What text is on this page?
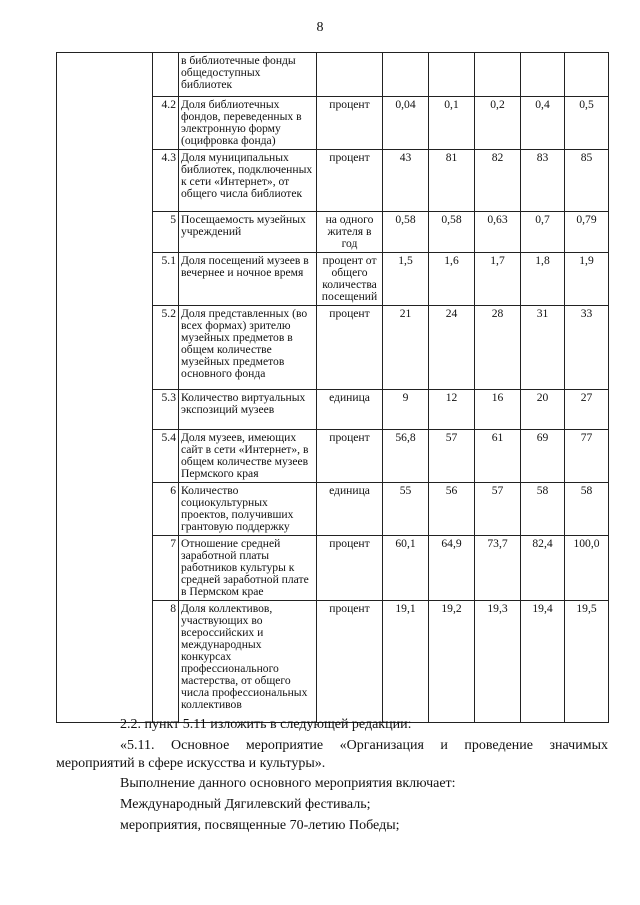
8
		в библиотечные фонды общедоступных библиотек						
	4.2	Доля библиотечных фондов, переведенных в электронную форму (оцифровка фонда)	процент	0,04	0,1	0,2	0,4	0,5
	4.3	Доля муниципальных библиотек, подключенных к сети «Интернет», от общего числа библиотек	процент	43	81	82	83	85
	5	Посещаемость музейных учреждений	на одного жителя в год	0,58	0,58	0,63	0,7	0,79
	5.1	Доля посещений музеев в вечернее и ночное время	процент от общего количества посещений	1,5	1,6	1,7	1,8	1,9
	5.2	Доля представленных (во всех формах) зрителю музейных предметов в общем количестве музейных предметов основного фонда	процент	21	24	28	31	33
	5.3	Количество виртуальных экспозиций музеев	единица	9	12	16	20	27
	5.4	Доля музеев, имеющих сайт в сети «Интернет», в общем количестве музеев Пермского края	процент	56,8	57	61	69	77
	6	Количество социокультурных проектов, получивших грантовую поддержку	единица	55	56	57	58	58
	7	Отношение средней заработной платы работников культуры к средней заработной плате в Пермском крае	процент	60,1	64,9	73,7	82,4	100,0
	8	Доля коллективов, участвующих во всероссийских и международных конкурсах профессионального мастерства, от общего числа профессиональных коллективов	процент	19,1	19,2	19,3	19,4	19,5
2.2. пункт 5.11 изложить в следующей редакции:
«5.11. Основное мероприятие «Организация и проведение значимых мероприятий в сфере искусства и культуры».
Выполнение данного основного мероприятия включает:
Международный Дягилевский фестиваль;
мероприятия, посвященные 70-летию Победы;
